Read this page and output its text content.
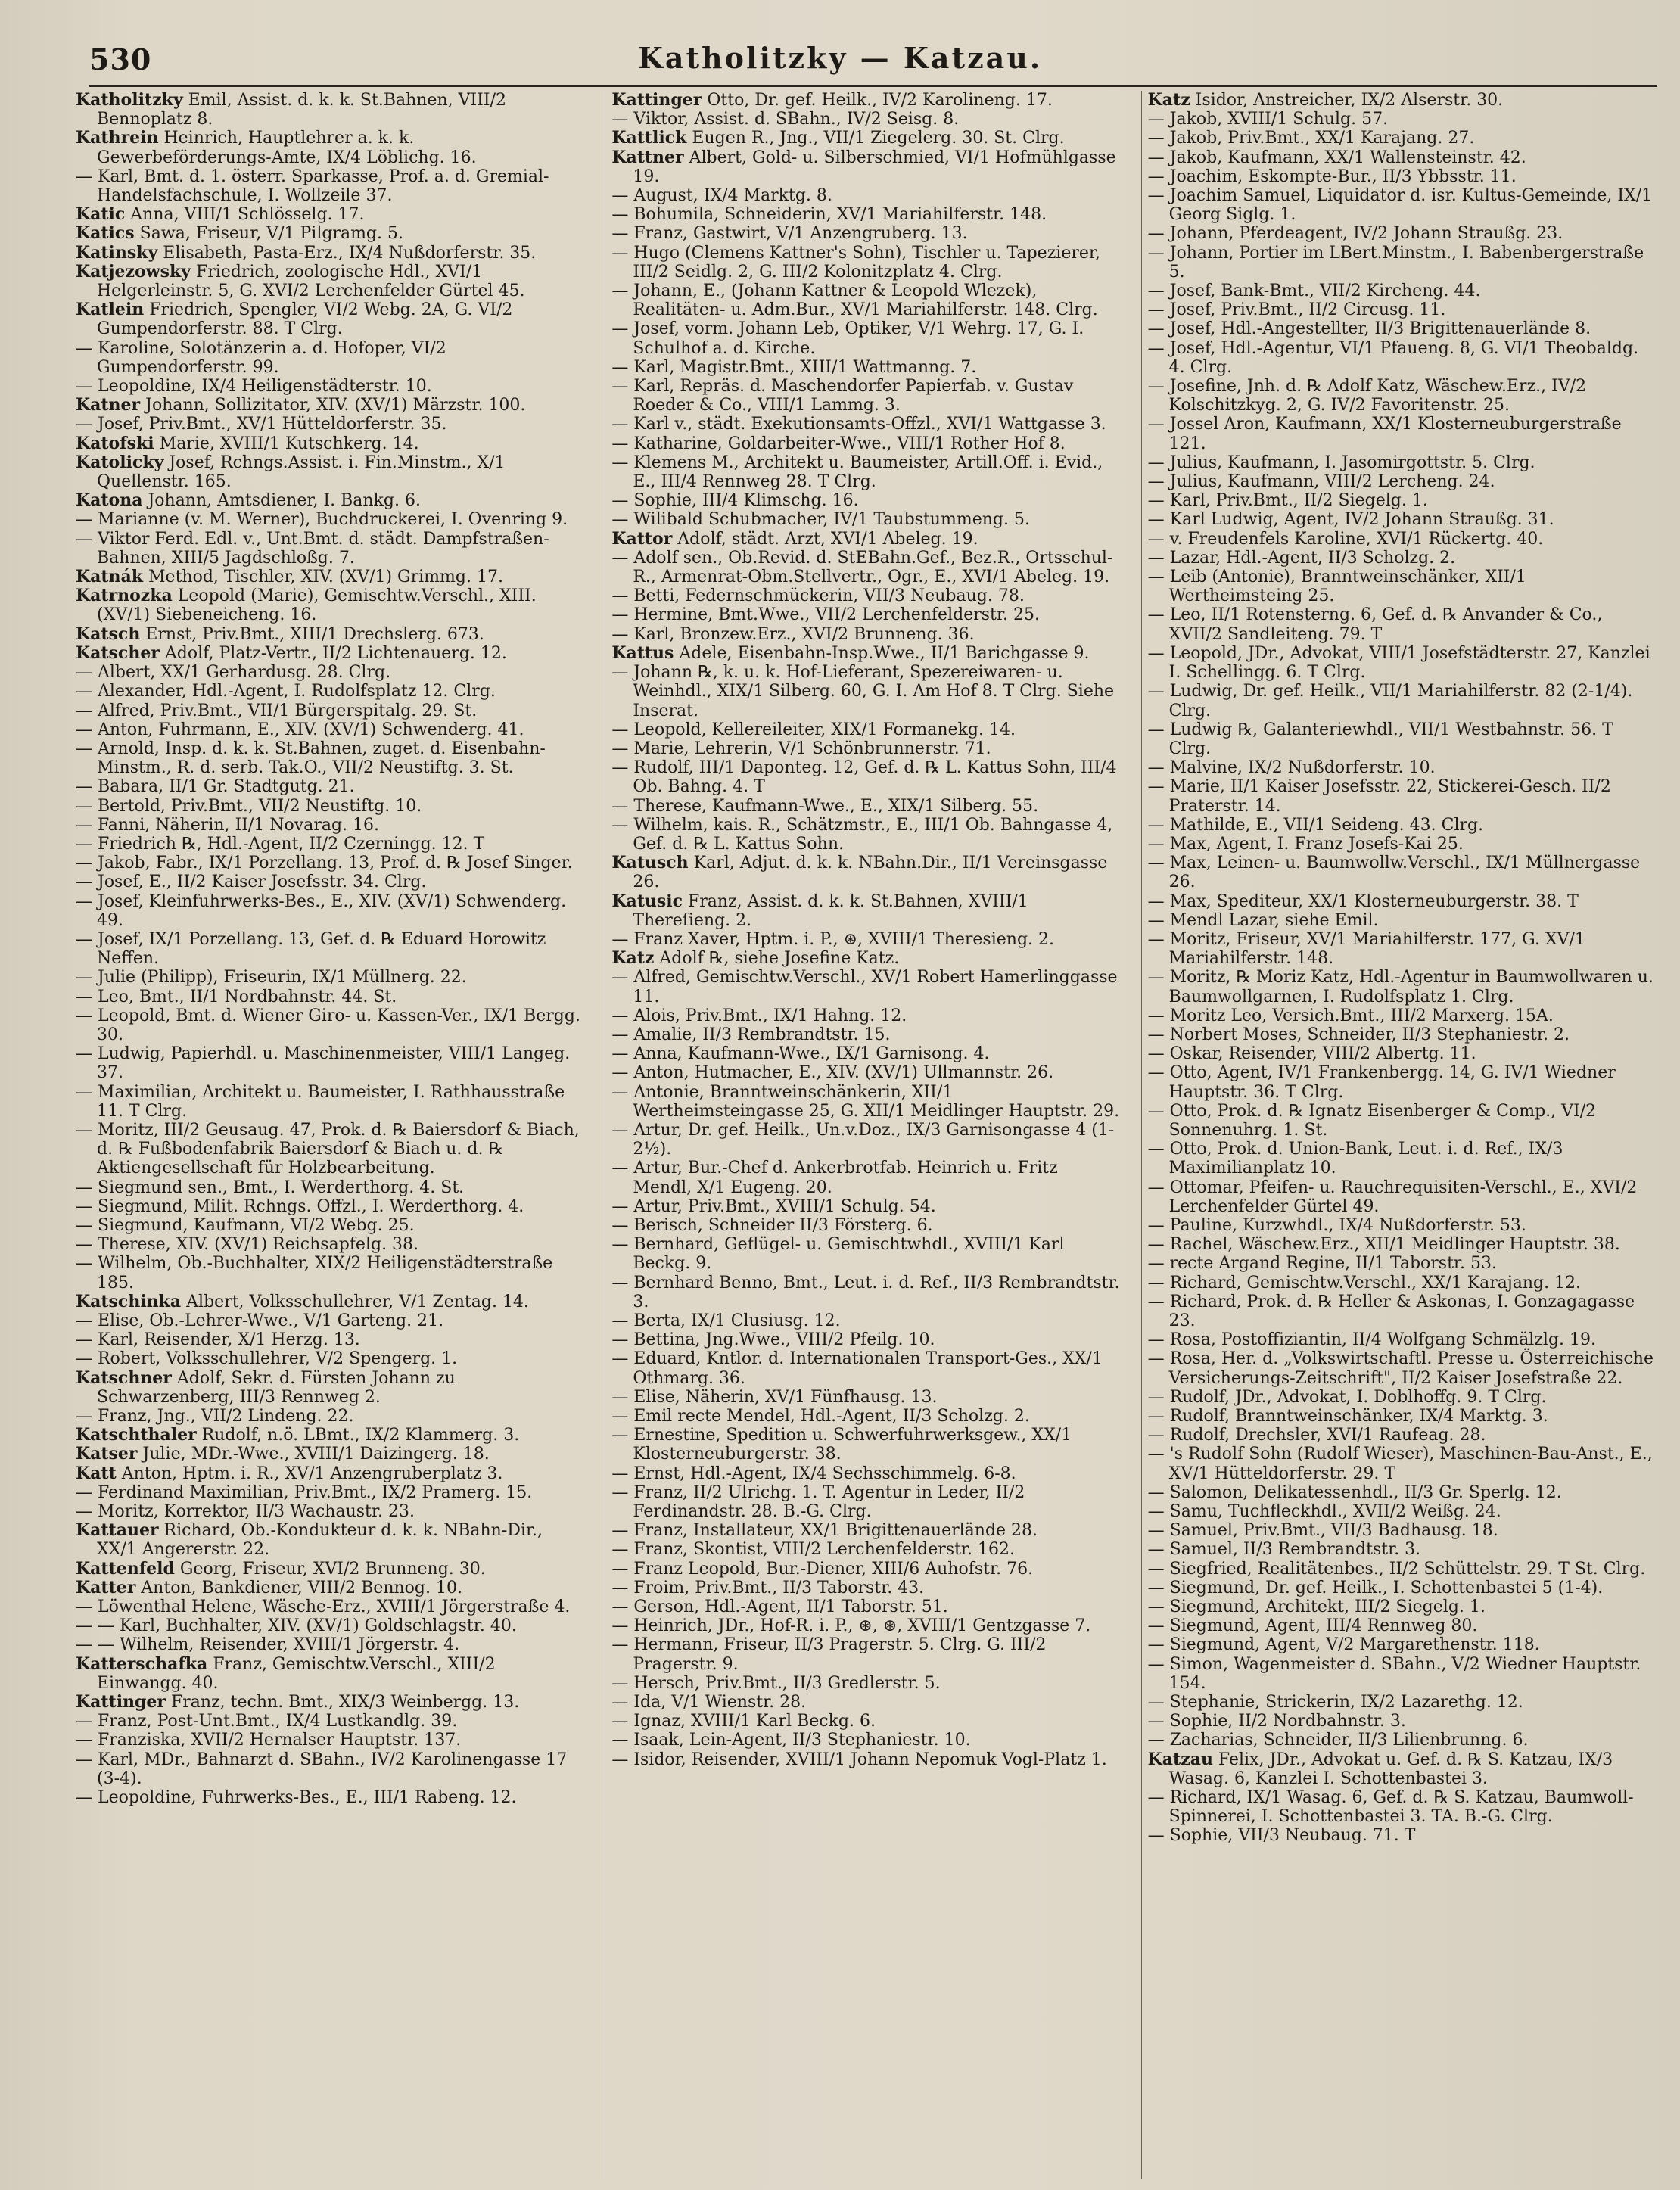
530	Katholitzky — Katzau.

Katholitzky Emil, Assist. d. k. k. St.Bahnen, VIII/2 Bennoplatz 8.

Kathrein Heinrich, Hauptlehrer a. k. k. Gewerbeförderungs-Amte, IX/4 Löblichg. 16.

— Karl, Bmt. d. 1. österr. Sparkasse, Prof. a. d. Gremial-Handelsfachschule, I. Wollzeile 37.

Katic Anna, VIII/1 Schlösselg. 17.

Katics Sawa, Friseur, V/1 Pilgramg. 5.

Katinsky Elisabeth, Pasta-Erz., IX/4 Nußdorferstr. 35.

Katjezowsky Friedrich, zoologische Hdl., XVI/1 Helgerleinstr. 5, G. XVI/2 Lerchenfelder Gürtel 45.

Katlein Friedrich, Spengler, VI/2 Webg. 2A, G. VI/2 Gumpendorferstr. 88. T Clrg.

— Karoline, Solotänzerin a. d. Hofoper, VI/2 Gumpendorferstr. 99.

— Leopoldine, IX/4 Heiligenstädterstr. 10.

Katner Johann, Sollizitator, XIV. (XV/1) Märzstr. 100.

— Josef, Priv.Bmt., XV/1 Hütteldorferstr. 35.

Katofski Marie, XVIII/1 Kutschkerg. 14.

Katolicky Josef, Rchngs.Assist. i. Fin.Minstm., X/1 Quellenstr. 165.

Katona Johann, Amtsdiener, I. Bankg. 6.

— Marianne (v. M. Werner), Buchdruckerei, I. Ovenring 9.

— Viktor Ferd. Edl. v., Unt.Bmt. d. städt. Dampfstraßen-Bahnen, XIII/5 Jagdschloßg. 7.

Katnák Method, Tischler, XIV. (XV/1) Grimmg. 17.

Katrnozka Leopold (Marie), Gemischtw.Verschl., XIII. (XV/1) Siebeneicheng. 16.

Katsch Ernst, Priv.Bmt., XIII/1 Drechslerg. 673.

Katscher Adolf, Platz-Vertr., II/2 Lichtenauerg. 12.

— Albert, XX/1 Gerhardusg. 28. Clrg.

— Alexander, Hdl.-Agent, I. Rudolfsplatz 12. Clrg.

— Alfred, Priv.Bmt., VII/1 Bürgerspitalg. 29. St.

— Anton, Fuhrmann, E., XIV. (XV/1) Schwenderg. 41.

— Arnold, Insp. d. k. k. St.Bahnen, zuget. d. Eisenbahn-Minstm., R. d. serb. Tak.O., VII/2 Neustiftg. 3. St.

— Babara, II/1 Gr. Stadtgutg. 21.

— Bertold, Priv.Bmt., VII/2 Neustiftg. 10.

— Fanni, Näherin, II/1 Novarag. 16.

— Friedrich ℞, Hdl.-Agent, II/2 Czerningg. 12. T

— Jakob, Fabr., IX/1 Porzellang. 13, Prof. d. ℞ Josef Singer.

— Josef, E., II/2 Kaiser Josefsstr. 34. Clrg.

— Josef, Kleinfuhrwerks-Bes., E., XIV. (XV/1) Schwenderg. 49.

— Josef, IX/1 Porzellang. 13, Gef. d. ℞ Eduard Horowitz Neffen.

— Julie (Philipp), Friseurin, IX/1 Müllnerg. 22.

— Leo, Bmt., II/1 Nordbahnstr. 44. St.

— Leopold, Bmt. d. Wiener Giro- u. Kassen-Ver., IX/1 Bergg. 30.

— Ludwig, Papierhdl. u. Maschinenmeister, VIII/1 Langeg. 37.

— Maximilian, Architekt u. Baumeister, I. Rathhausstraße 11. T Clrg.

— Moritz, III/2 Geusaug. 47, Prok. d. ℞ Baiersdorf & Biach, d. ℞ Fußbodenfabrik Baiersdorf & Biach u. d. ℞ Aktiengesellschaft für Holzbearbeitung.

— Siegmund sen., Bmt., I. Werderthorg. 4. St.

— Siegmund, Milit. Rchngs. Offzl., I. Werderthorg. 4.

— Siegmund, Kaufmann, VI/2 Webg. 25.

— Therese, XIV. (XV/1) Reichsapfelg. 38.

— Wilhelm, Ob.-Buchhalter, XIX/2 Heiligenstädterstraße 185.

Katschinka Albert, Volksschullehrer, V/1 Zentag. 14.

— Elise, Ob.-Lehrer-Wwe., V/1 Garteng. 21.

— Karl, Reisender, X/1 Herzg. 13.

— Robert, Volksschullehrer, V/2 Spengerg. 1.

Katschner Adolf, Sekr. d. Fürsten Johann zu Schwarzenberg, III/3 Rennweg 2.

— Franz, Jng., VII/2 Lindeng. 22.

Katschthaler Rudolf, n.ö. LBmt., IX/2 Klammerg. 3.

Katser Julie, MDr.-Wwe., XVIII/1 Daizingerg. 18.

Katt Anton, Hptm. i. R., XV/1 Anzengruberplatz 3.

— Ferdinand Maximilian, Priv.Bmt., IX/2 Pramerg. 15.

— Moritz, Korrektor, II/3 Wachaustr. 23.

Kattauer Richard, Ob.-Kondukteur d. k. k. NBahn-Dir., XX/1 Angererstr. 22.

Kattenfeld Georg, Friseur, XVI/2 Brunneng. 30.

Katter Anton, Bankdiener, VIII/2 Bennog. 10.

— Löwenthal Helene, Wäsche-Erz., XVIII/1 Jörgerstraße 4.

— — Karl, Buchhalter, XIV. (XV/1) Goldschlagstr. 40.

— — Wilhelm, Reisender, XVIII/1 Jörgerstr. 4.

Katterschafka Franz, Gemischtw.Verschl., XIII/2 Einwangg. 40.

Kattinger Franz, techn. Bmt., XIX/3 Weinbergg. 13.

— Franz, Post-Unt.Bmt., IX/4 Lustkandlg. 39.

— Franziska, XVII/2 Hernalser Hauptstr. 137.

— Karl, MDr., Bahnarzt d. SBahn., IV/2 Karolinengasse 17 (3-4).

— Leopoldine, Fuhrwerks-Bes., E., III/1 Rabeng. 12.

Kattinger Otto, Dr. gef. Heilk., IV/2 Karolineng. 17.

— Viktor, Assist. d. SBahn., IV/2 Seisg. 8.

Kattlick Eugen R., Jng., VII/1 Ziegelerg. 30. St. Clrg.

Kattner Albert, Gold- u. Silberschmied, VI/1 Hofmühlgasse 19.

— August, IX/4 Marktg. 8.

— Bohumila, Schneiderin, XV/1 Mariahilferstr. 148.

— Franz, Gastwirt, V/1 Anzengruberg. 13.

— Hugo (Clemens Kattner's Sohn), Tischler u. Tapezierer, III/2 Seidlg. 2, G. III/2 Kolonitzplatz 4. Clrg.

— Johann, E., (Johann Kattner & Leopold Wlezek), Realitäten- u. Adm.Bur., XV/1 Mariahilferstr. 148. Clrg.

— Josef, vorm. Johann Leb, Optiker, V/1 Wehrg. 17, G. I. Schulhof a. d. Kirche.

— Karl, Magistr.Bmt., XIII/1 Wattmanng. 7.

— Karl, Repräs. d. Maschendorfer Papierfab. v. Gustav Roeder & Co., VIII/1 Lammg. 3.

— Karl v., städt. Exekutionsamts-Offzl., XVI/1 Wattgasse 3.

— Katharine, Goldarbeiter-Wwe., VIII/1 Rother Hof 8.

— Klemens M., Architekt u. Baumeister, Artill.Off. i. Evid., E., III/4 Rennweg 28. T Clrg.

— Sophie, III/4 Klimschg. 16.

— Wilibald Schubmacher, IV/1 Taubstummeng. 5.

Kattor Adolf, städt. Arzt, XVI/1 Abeleg. 19.

— Adolf sen., Ob.Revid. d. StEBahn.Gef., Bez.R., Ortsschul-R., Armenrat-Obm.Stellvertr., Ogr., E., XVI/1 Abeleg. 19.

— Betti, Federnschmückerin, VII/3 Neubaug. 78.

— Hermine, Bmt.Wwe., VII/2 Lerchenfelderstr. 25.

— Karl, Bronzew.Erz., XVI/2 Brunneng. 36.

Kattus Adele, Eisenbahn-Insp.Wwe., II/1 Barichgasse 9.

— Johann ℞, k. u. k. Hof-Lieferant, Spezereiwaren- u. Weinhdl., XIX/1 Silberg. 60, G. I. Am Hof 8. T Clrg. Siehe Inserat.

— Leopold, Kellereileiter, XIX/1 Formanekg. 14.

— Marie, Lehrerin, V/1 Schönbrunnerstr. 71.

— Rudolf, III/1 Daponteg. 12, Gef. d. ℞ L. Kattus Sohn, III/4 Ob. Bahng. 4. T

— Therese, Kaufmann-Wwe., E., XIX/1 Silberg. 55.

— Wilhelm, kais. R., Schätzmstr., E., III/1 Ob. Bahngasse 4, Gef. d. ℞ L. Kattus Sohn.

Katusch Karl, Adjut. d. k. k. NBahn.Dir., II/1 Vereinsgasse 26.

Katusic Franz, Assist. d. k. k. St.Bahnen, XVIII/1 Thereſieng. 2.

— Franz Xaver, Hptm. i. P., ⊛, XVIII/1 Theresieng. 2.

Katz Adolf ℞, siehe Josefine Katz.

— Alfred, Gemischtw.Verschl., XV/1 Robert Hamerlinggasse 11.

— Alois, Priv.Bmt., IX/1 Hahng. 12.

— Amalie, II/3 Rembrandtstr. 15.

— Anna, Kaufmann-Wwe., IX/1 Garnisong. 4.

— Anton, Hutmacher, E., XIV. (XV/1) Ullmannstr. 26.

— Antonie, Branntweinschänkerin, XII/1 Wertheimsteingasse 25, G. XII/1 Meidlinger Hauptstr. 29.

— Artur, Dr. gef. Heilk., Un.v.Doz., IX/3 Garnisongasse 4 (1-2½).

— Artur, Bur.-Chef d. Ankerbrotfab. Heinrich u. Fritz Mendl, X/1 Eugeng. 20.

— Artur, Priv.Bmt., XVIII/1 Schulg. 54.

— Berisch, Schneider II/3 Försterg. 6.

— Bernhard, Geflügel- u. Gemischtwhdl., XVIII/1 Karl Beckg. 9.

— Bernhard Benno, Bmt., Leut. i. d. Ref., II/3 Rembrandtstr. 3.

— Berta, IX/1 Clusiusg. 12.

— Bettina, Jng.Wwe., VIII/2 Pfeilg. 10.

— Eduard, Kntlor. d. Internationalen Transport-Ges., XX/1 Othmarg. 36.

— Elise, Näherin, XV/1 Fünfhausg. 13.

— Emil recte Mendel, Hdl.-Agent, II/3 Scholzg. 2.

— Ernestine, Spedition u. Schwerfuhrwerksgew., XX/1 Klosterneuburgerstr. 38.

— Ernst, Hdl.-Agent, IX/4 Sechsschimmelg. 6-8.

— Franz, II/2 Ulrichg. 1. T. Agentur in Leder, II/2 Ferdinandstr. 28. B.-G. Clrg.

— Franz, Installateur, XX/1 Brigittenauerlände 28.

— Franz, Skontist, VIII/2 Lerchenfelderstr. 162.

— Franz Leopold, Bur.-Diener, XIII/6 Auhofstr. 76.

— Froim, Priv.Bmt., II/3 Taborstr. 43.

— Gerson, Hdl.-Agent, II/1 Taborstr. 51.

— Heinrich, JDr., Hof-R. i. P., ⊛, ⊛, XVIII/1 Gentzgasse 7.

— Hermann, Friseur, II/3 Pragerstr. 5. Clrg. G. III/2 Pragerstr. 9.

— Hersch, Priv.Bmt., II/3 Gredlerstr. 5.

— Ida, V/1 Wienstr. 28.

— Ignaz, XVIII/1 Karl Beckg. 6.

— Isaak, Lein-Agent, II/3 Stephaniestr. 10.

— Isidor, Reisender, XVIII/1 Johann Nepomuk Vogl-Platz 1.

Katz Isidor, Anstreicher, IX/2 Alserstr. 30.

— Jakob, XVIII/1 Schulg. 57.

— Jakob, Priv.Bmt., XX/1 Karajang. 27.

— Jakob, Kaufmann, XX/1 Wallensteinstr. 42.

— Joachim, Eskompte-Bur., II/3 Ybbsstr. 11.

— Joachim Samuel, Liquidator d. isr. Kultus-Gemeinde, IX/1 Georg Siglg. 1.

— Johann, Pferdeagent, IV/2 Johann Straußg. 23.

— Johann, Portier im LBert.Minstm., I. Babenbergerstraße 5.

— Josef, Bank-Bmt., VII/2 Kircheng. 44.

— Josef, Priv.Bmt., II/2 Circusg. 11.

— Josef, Hdl.-Angestellter, II/3 Brigittenauerlände 8.

— Josef, Hdl.-Agentur, VI/1 Pfaueng. 8, G. VI/1 Theobaldg. 4. Clrg.

— Josefine, Jnh. d. ℞ Adolf Katz, Wäschew.Erz., IV/2 Kolschitzkyg. 2, G. IV/2 Favoritenstr. 25.

— Jossel Aron, Kaufmann, XX/1 Klosterneuburgerstraße 121.

— Julius, Kaufmann, I. Jasomirgottstr. 5. Clrg.

— Julius, Kaufmann, VIII/2 Lercheng. 24.

— Karl, Priv.Bmt., II/2 Siegelg. 1.

— Karl Ludwig, Agent, IV/2 Johann Straußg. 31.

— v. Freudenfels Karoline, XVI/1 Rückertg. 40.

— Lazar, Hdl.-Agent, II/3 Scholzg. 2.

— Leib (Antonie), Branntweinschänker, XII/1 Wertheimsteing 25.

— Leo, II/1 Rotensterng. 6, Gef. d. ℞ Anvander & Co., XVII/2 Sandleiteng. 79. T

— Leopold, JDr., Advokat, VIII/1 Josefstädterstr. 27, Kanzlei I. Schellingg. 6. T Clrg.

— Ludwig, Dr. gef. Heilk., VII/1 Mariahilferstr. 82 (2-1/4). Clrg.

— Ludwig ℞, Galanteriewhdl., VII/1 Westbahnstr. 56. T Clrg.

— Malvine, IX/2 Nußdorferstr. 10.

— Marie, II/1 Kaiser Josefsstr. 22, Stickerei-Gesch. II/2 Praterstr. 14.

— Mathilde, E., VII/1 Seideng. 43. Clrg.

— Max, Agent, I. Franz Josefs-Kai 25.

— Max, Leinen- u. Baumwollw.Verschl., IX/1 Müllnergasse 26.

— Max, Spediteur, XX/1 Klosterneuburgerstr. 38. T

— Mendl Lazar, siehe Emil.

— Moritz, Friseur, XV/1 Mariahilferstr. 177, G. XV/1 Mariahilferstr. 148.

— Moritz, ℞ Moriz Katz, Hdl.-Agentur in Baumwollwaren u. Baumwollgarnen, I. Rudolfsplatz 1. Clrg.

— Moritz Leo, Versich.Bmt., III/2 Marxerg. 15A.

— Norbert Moses, Schneider, II/3 Stephaniestr. 2.

— Oskar, Reisender, VIII/2 Albertg. 11.

— Otto, Agent, IV/1 Frankenbergg. 14, G. IV/1 Wiedner Hauptstr. 36. T Clrg.

— Otto, Prok. d. ℞ Ignatz Eisenberger & Comp., VI/2 Sonnenuhrg. 1. St.

— Otto, Prok. d. Union-Bank, Leut. i. d. Ref., IX/3 Maximilianplatz 10.

— Ottomar, Pfeifen- u. Rauchrequisiten-Verschl., E., XVI/2 Lerchenfelder Gürtel 49.

— Pauline, Kurzwhdl., IX/4 Nußdorferstr. 53.

— Rachel, Wäschew.Erz., XII/1 Meidlinger Hauptstr. 38.

— recte Argand Regine, II/1 Taborstr. 53.

— Richard, Gemischtw.Verschl., XX/1 Karajang. 12.

— Richard, Prok. d. ℞ Heller & Askonas, I. Gonzagagasse 23.

— Rosa, Postoffiziantin, II/4 Wolfgang Schmälzlg. 19.

— Rosa, Her. d. „Volkswirtschaftl. Presse u. Österreichische Versicherungs-Zeitschrift", II/2 Kaiser Josefstraße 22.

— Rudolf, JDr., Advokat, I. Doblhoffg. 9. T Clrg.

— Rudolf, Branntweinschänker, IX/4 Marktg. 3.

— Rudolf, Drechsler, XVI/1 Raufeag. 28.

— 's Rudolf Sohn (Rudolf Wieser), Maschinen-Bau-Anst., E., XV/1 Hütteldorferstr. 29. T

— Salomon, Delikatessenhdl., II/3 Gr. Sperlg. 12.

— Samu, Tuchfleckhdl., XVII/2 Weißg. 24.

— Samuel, Priv.Bmt., VII/3 Badhausg. 18.

— Samuel, II/3 Rembrandtstr. 3.

— Siegfried, Realitätenbes., II/2 Schüttelstr. 29. T St. Clrg.

— Siegmund, Dr. gef. Heilk., I. Schottenbastei 5 (1-4).

— Siegmund, Architekt, III/2 Siegelg. 1.

— Siegmund, Agent, III/4 Rennweg 80.

— Siegmund, Agent, V/2 Margarethenstr. 118.

— Simon, Wagenmeister d. SBahn., V/2 Wiedner Hauptstr. 154.

— Stephanie, Strickerin, IX/2 Lazarethg. 12.

— Sophie, II/2 Nordbahnstr. 3.

— Zacharias, Schneider, II/3 Lilienbrunng. 6.

Katzau Felix, JDr., Advokat u. Gef. d. ℞ S. Katzau, IX/3 Wasag. 6, Kanzlei I. Schottenbastei 3.

— Richard, IX/1 Wasag. 6, Gef. d. ℞ S. Katzau, Baumwoll-Spinnerei, I. Schottenbastei 3. TA. B.-G. Clrg.

— Sophie, VII/3 Neubaug. 71. T
